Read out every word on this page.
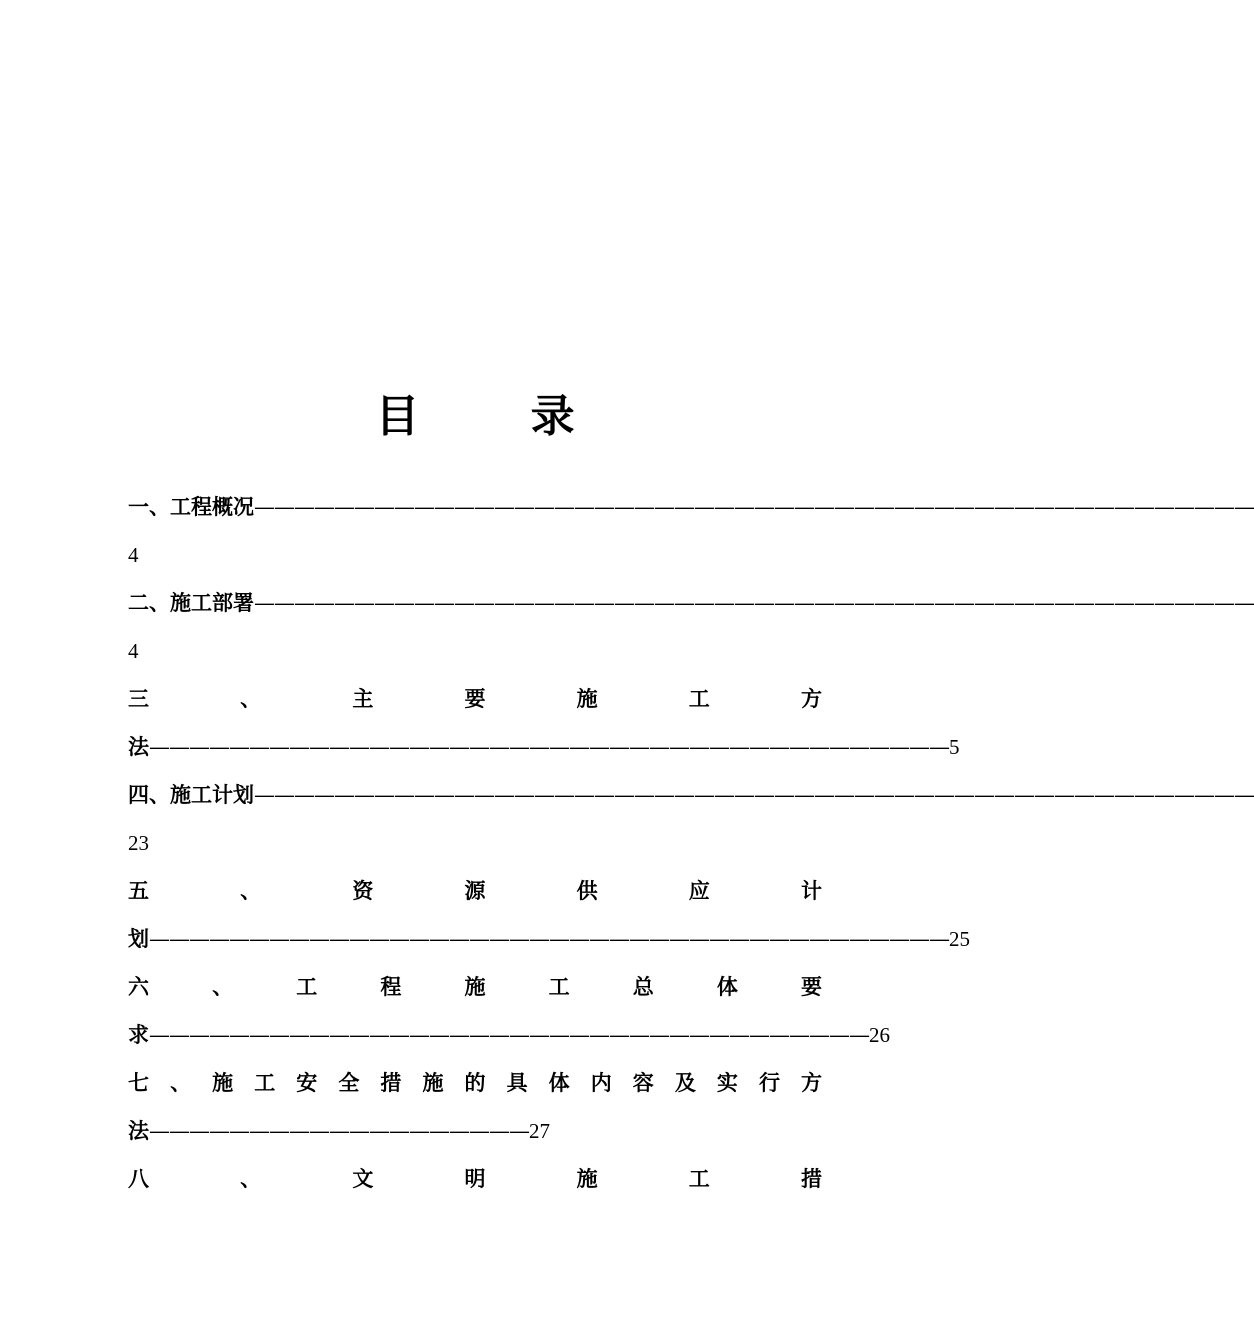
目 录
一 、 工 程 概 况 ——————————————————————————————————————————————————
4
二 、 施 工 部 署 ——————————————————————————————————————————————————
4
三	、	主	要	施	工	方
法 ———————————————————————————————————————— 5
四 、 施 工 计 划 ——————————————————————————————————————————————————
23
五	、	资	源	供	应	计
划 ———————————————————————————————————————— 25
六	、	工	程	施	工	总	体	要
求 ———————————————————————————————————— 26
七 、 施 工 安 全 措 施 的 具 体 内 容 及 实 行 方
法 ——————————————————— 27
八	、	文	明	施	工	措
